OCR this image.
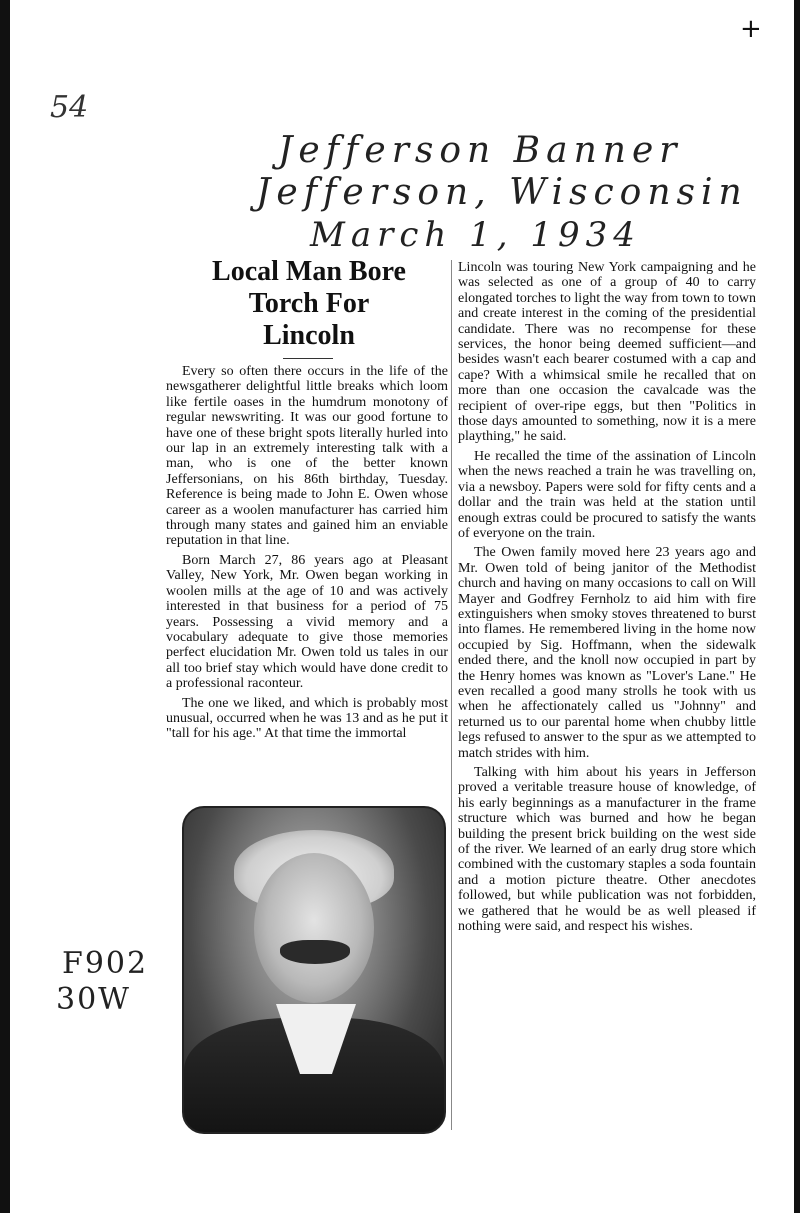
+
54
Jefferson Banner
Jefferson, Wisconsin
March 1, 1934
F902
30W
Local Man Bore
Torch For
Lincoln

Every so often there occurs in the life of the newsgatherer delightful little breaks which loom like fertile oases in the humdrum monotony of regular newswriting. It was our good fortune to have one of these bright spots literally hurled into our lap in an extremely interesting talk with a man, who is one of the better known Jeffersonians, on his 86th birthday, Tuesday. Reference is being made to John E. Owen whose career as a woolen manufacturer has carried him through many states and gained him an enviable reputation in that line.

Born March 27, 86 years ago at Pleasant Valley, New York, Mr. Owen began working in woolen mills at the age of 10 and was actively interested in that business for a period of 75 years. Possessing a vivid memory and a vocabulary adequate to give those memories perfect elucidation Mr. Owen told us tales in our all too brief stay which would have done credit to a professional raconteur.

The one we liked, and which is probably most unusual, occurred when he was 13 and as he put it "tall for his age." At that time the immortal

Lincoln was touring New York campaigning and he was selected as one of a group of 40 to carry elongated torches to light the way from town to town and create interest in the coming of the presidential candidate. There was no recompense for these services, the honor being deemed sufficient—and besides wasn't each bearer costumed with a cap and cape? With a whimsical smile he recalled that on more than one occasion the cavalcade was the recipient of over-ripe eggs, but then "Politics in those days amounted to something, now it is a mere plaything," he said.

He recalled the time of the assination of Lincoln when the news reached a train he was travelling on, via a newsboy. Papers were sold for fifty cents and a dollar and the train was held at the station until enough extras could be procured to satisfy the wants of everyone on the train.

The Owen family moved here 23 years ago and Mr. Owen told of being janitor of the Methodist church and having on many occasions to call on Will Mayer and Godfrey Fernholz to aid him with fire extinguishers when smoky stoves threatened to burst into flames. He remembered living in the home now occupied by Sig. Hoffmann, when the sidewalk ended there, and the knoll now occupied in part by the Henry homes was known as "Lover's Lane." He even recalled a good many strolls he took with us when he affectionately called us "Johnny" and returned us to our parental home when chubby little legs refused to answer to the spur as we attempted to match strides with him.

Talking with him about his years in Jefferson proved a veritable treasure house of knowledge, of his early beginnings as a manufacturer in the frame structure which was burned and how he began building the present brick building on the west side of the river. We learned of an early drug store which combined with the customary staples a soda fountain and a motion picture theatre. Other anecdotes followed, but while publication was not forbidden, we gathered that he would be as well pleased if nothing were said, and respect his wishes.
